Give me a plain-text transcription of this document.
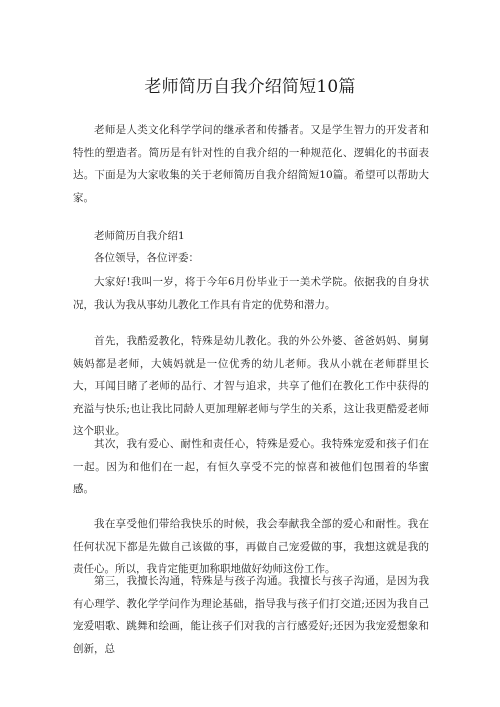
老师简历自我介绍简短10篇

老师是人类文化科学学问的继承者和传播者。又是学生智力的开发者和特性的塑造者。简历是有针对性的自我介绍的一种规范化、逻辑化的书面表达。下面是为大家收集的关于老师简历自我介绍简短10篇。希望可以帮助大家。

老师简历自我介绍1

各位领导，各位评委：

大家好!我叫一岁，将于今年6月份毕业于一美术学院。依据我的自身状况，我认为我从事幼儿教化工作具有肯定的优势和潜力。

首先，我酷爱教化，特殊是幼儿教化。我的外公外婆、爸爸妈妈、舅舅姨妈都是老师，大姨妈就是一位优秀的幼儿老师。我从小就在老师群里长大，耳闻目睹了老师的品行、才智与追求，共享了他们在教化工作中获得的充溢与快乐;也让我比同龄人更加理解老师与学生的关系，这让我更酷爱老师这个职业。

其次，我有爱心、耐性和责任心，特殊是爱心。我特殊宠爱和孩子们在一起。因为和他们在一起，有恒久享受不完的惊喜和被他们包围着的华蜜感。

我在享受他们带给我快乐的时候，我会奉献我全部的爱心和耐性。我在任何状况下都是先做自己该做的事，再做自己宠爱做的事，我想这就是我的责任心。所以，我肯定能更加称职地做好幼师这份工作。

第三，我擅长沟通，特殊是与孩子沟通。我擅长与孩子沟通，是因为我有心理学、教化学学问作为理论基础，指导我与孩子们打交道;还因为我自己宠爱唱歌、跳舞和绘画，能让孩子们对我的言行感爱好;还因为我宠爱想象和创新，总
